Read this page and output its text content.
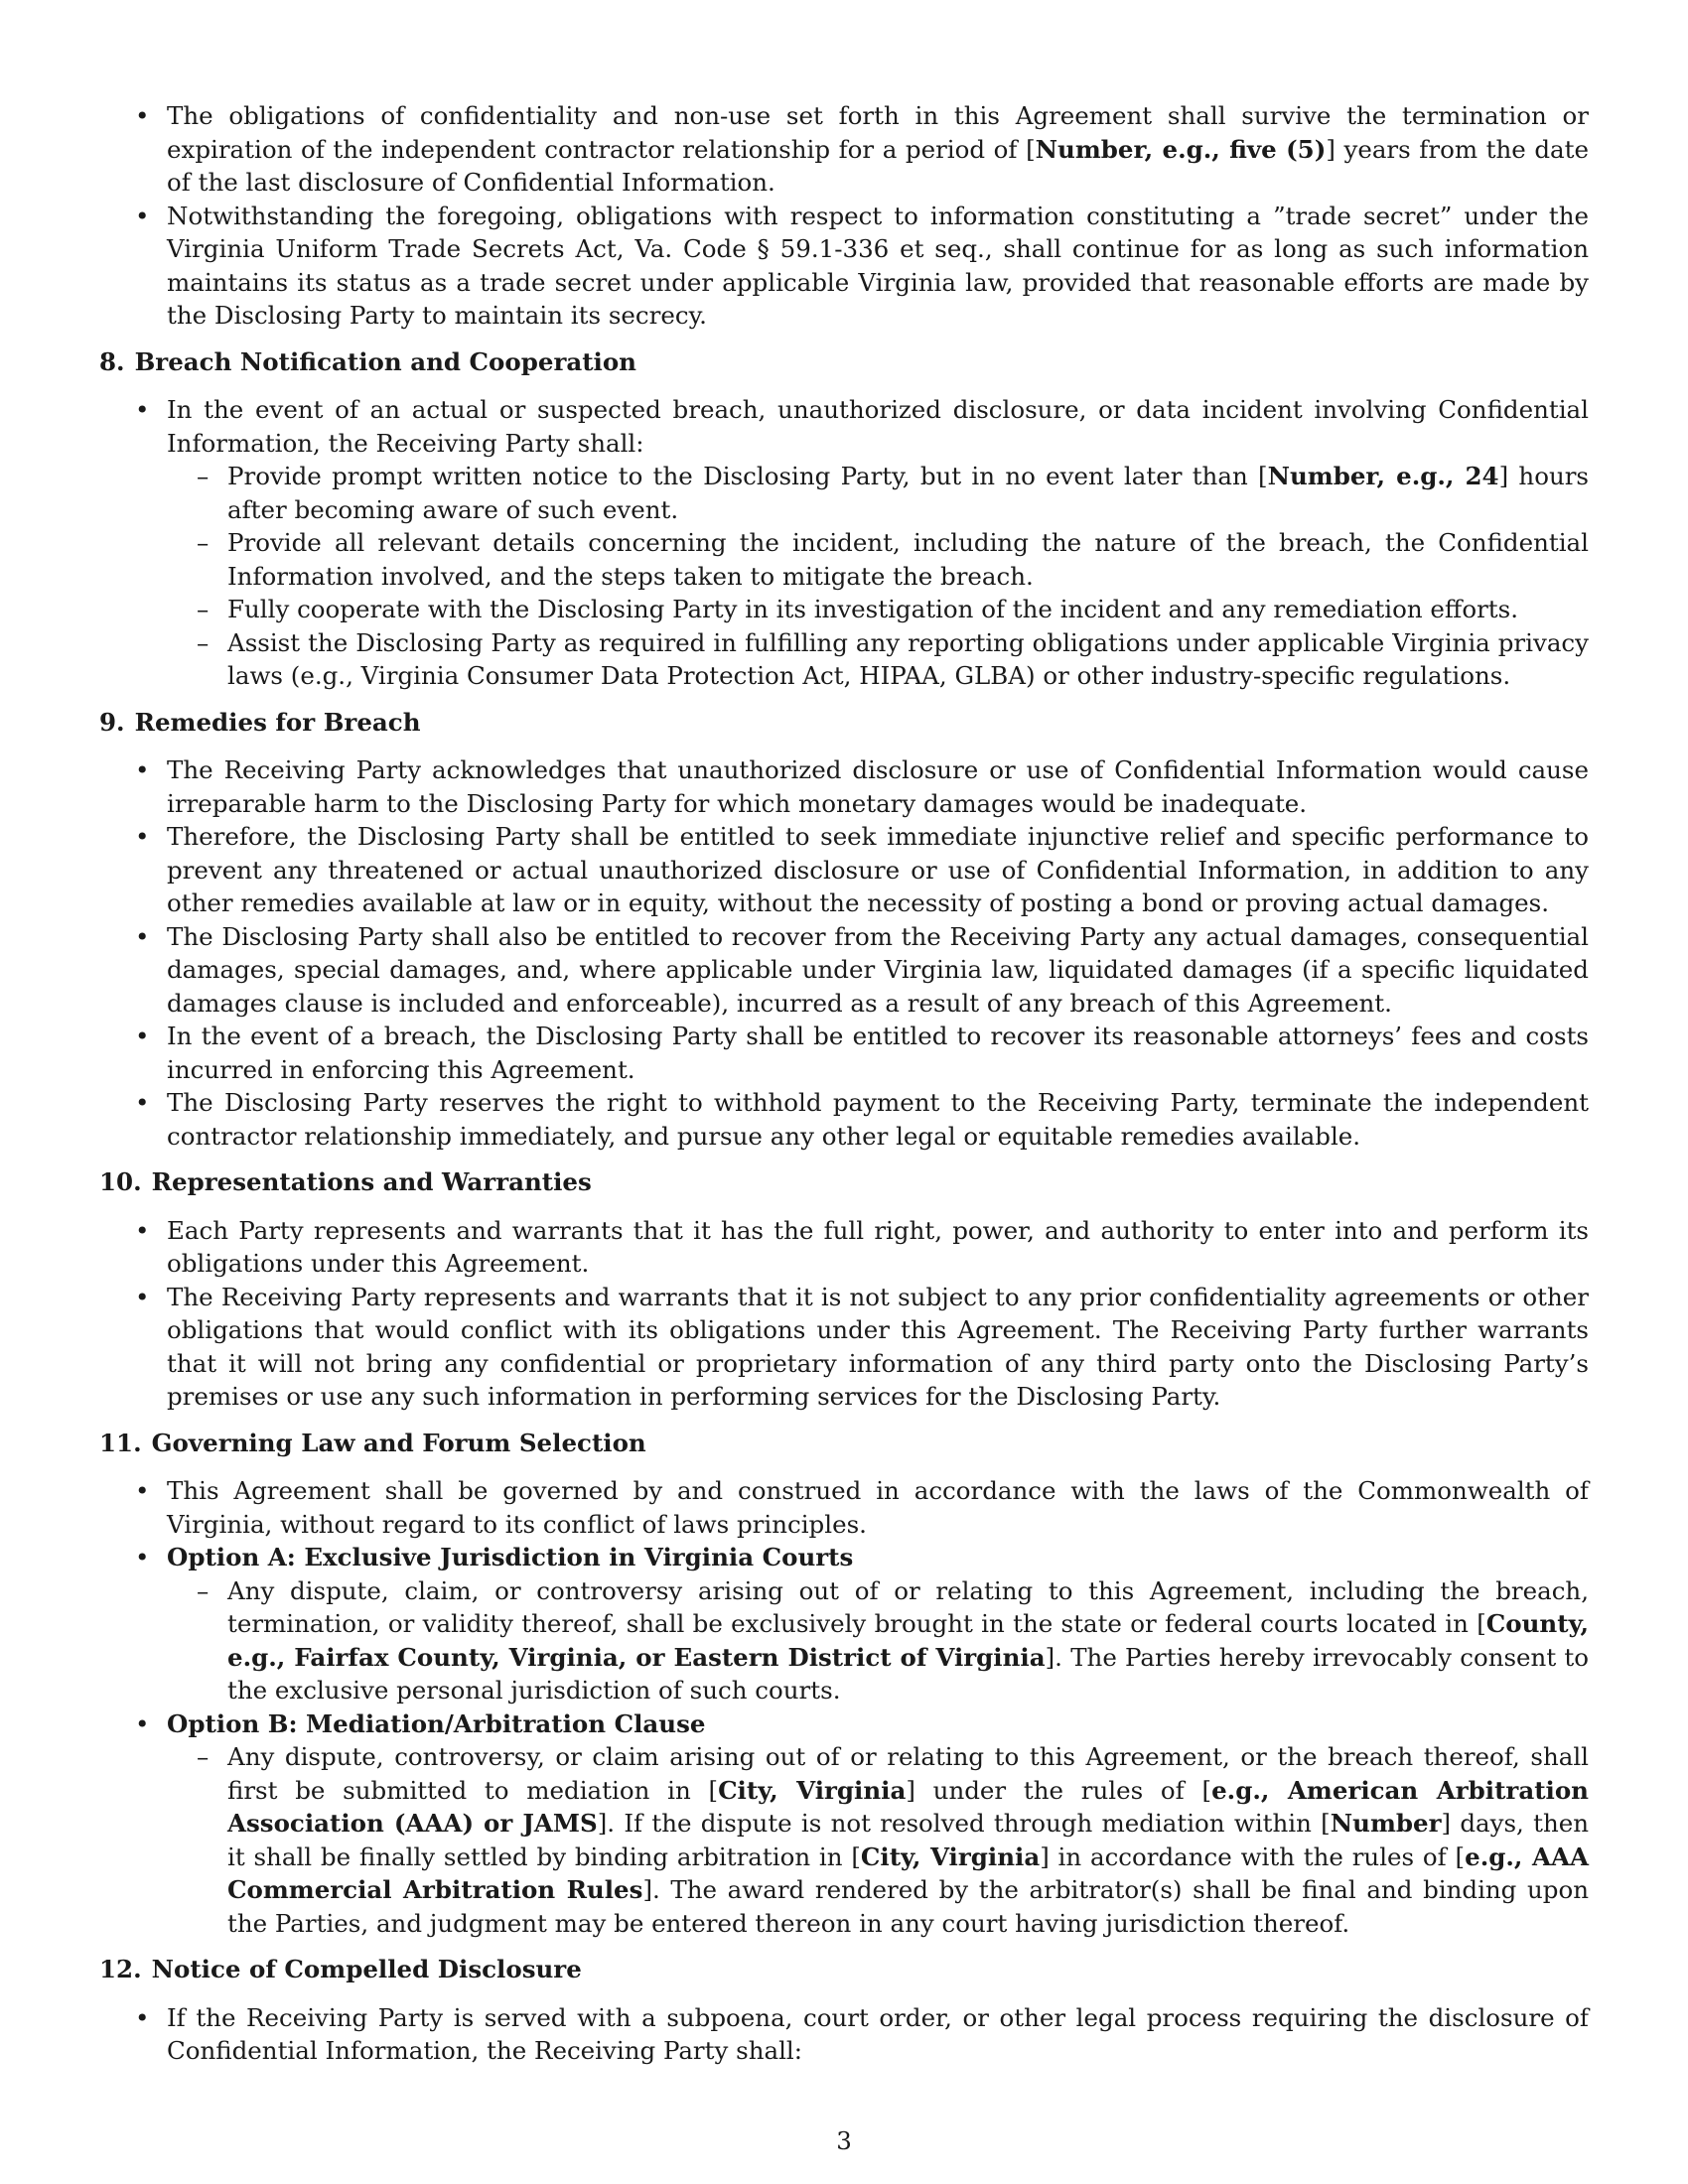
• The obligations of confidentiality and non-use set forth in this Agreement shall survive the termination or expiration of the independent contractor relationship for a period of [Number, e.g., five (5)] years from the date of the last disclosure of Confidential Information.
• Notwithstanding the foregoing, obligations with respect to information constituting a ”trade secret” under the Virginia Uniform Trade Secrets Act, Va. Code § 59.1-336 et seq., shall continue for as long as such information maintains its status as a trade secret under applicable Virginia law, provided that reasonable efforts are made by the Disclosing Party to maintain its secrecy.
8. Breach Notification and Cooperation
• In the event of an actual or suspected breach, unauthorized disclosure, or data incident involving Confidential Information, the Receiving Party shall:
– Provide prompt written notice to the Disclosing Party, but in no event later than [Number, e.g., 24] hours after becoming aware of such event.
– Provide all relevant details concerning the incident, including the nature of the breach, the Confidential Information involved, and the steps taken to mitigate the breach.
– Fully cooperate with the Disclosing Party in its investigation of the incident and any remediation efforts.
– Assist the Disclosing Party as required in fulfilling any reporting obligations under applicable Virginia privacy laws (e.g., Virginia Consumer Data Protection Act, HIPAA, GLBA) or other industry-specific regulations.
9. Remedies for Breach
• The Receiving Party acknowledges that unauthorized disclosure or use of Confidential Information would cause irreparable harm to the Disclosing Party for which monetary damages would be inadequate.
• Therefore, the Disclosing Party shall be entitled to seek immediate injunctive relief and specific performance to prevent any threatened or actual unauthorized disclosure or use of Confidential Information, in addition to any other remedies available at law or in equity, without the necessity of posting a bond or proving actual damages.
• The Disclosing Party shall also be entitled to recover from the Receiving Party any actual damages, consequential damages, special damages, and, where applicable under Virginia law, liquidated damages (if a specific liquidated damages clause is included and enforceable), incurred as a result of any breach of this Agreement.
• In the event of a breach, the Disclosing Party shall be entitled to recover its reasonable attorneys’ fees and costs incurred in enforcing this Agreement.
• The Disclosing Party reserves the right to withhold payment to the Receiving Party, terminate the independent contractor relationship immediately, and pursue any other legal or equitable remedies available.
10. Representations and Warranties
• Each Party represents and warrants that it has the full right, power, and authority to enter into and perform its obligations under this Agreement.
• The Receiving Party represents and warrants that it is not subject to any prior confidentiality agreements or other obligations that would conflict with its obligations under this Agreement. The Receiving Party further warrants that it will not bring any confidential or proprietary information of any third party onto the Disclosing Party’s premises or use any such information in performing services for the Disclosing Party.
11. Governing Law and Forum Selection
• This Agreement shall be governed by and construed in accordance with the laws of the Commonwealth of Virginia, without regard to its conflict of laws principles.
• Option A: Exclusive Jurisdiction in Virginia Courts
– Any dispute, claim, or controversy arising out of or relating to this Agreement, including the breach, termination, or validity thereof, shall be exclusively brought in the state or federal courts located in [County, e.g., Fairfax County, Virginia, or Eastern District of Virginia]. The Parties hereby irrevocably consent to the exclusive personal jurisdiction of such courts.
• Option B: Mediation/Arbitration Clause
– Any dispute, controversy, or claim arising out of or relating to this Agreement, or the breach thereof, shall first be submitted to mediation in [City, Virginia] under the rules of [e.g., American Arbitration Association (AAA) or JAMS]. If the dispute is not resolved through mediation within [Number] days, then it shall be finally settled by binding arbitration in [City, Virginia] in accordance with the rules of [e.g., AAA Commercial Arbitration Rules]. The award rendered by the arbitrator(s) shall be final and binding upon the Parties, and judgment may be entered thereon in any court having jurisdiction thereof.
12. Notice of Compelled Disclosure
• If the Receiving Party is served with a subpoena, court order, or other legal process requiring the disclosure of Confidential Information, the Receiving Party shall:
3
